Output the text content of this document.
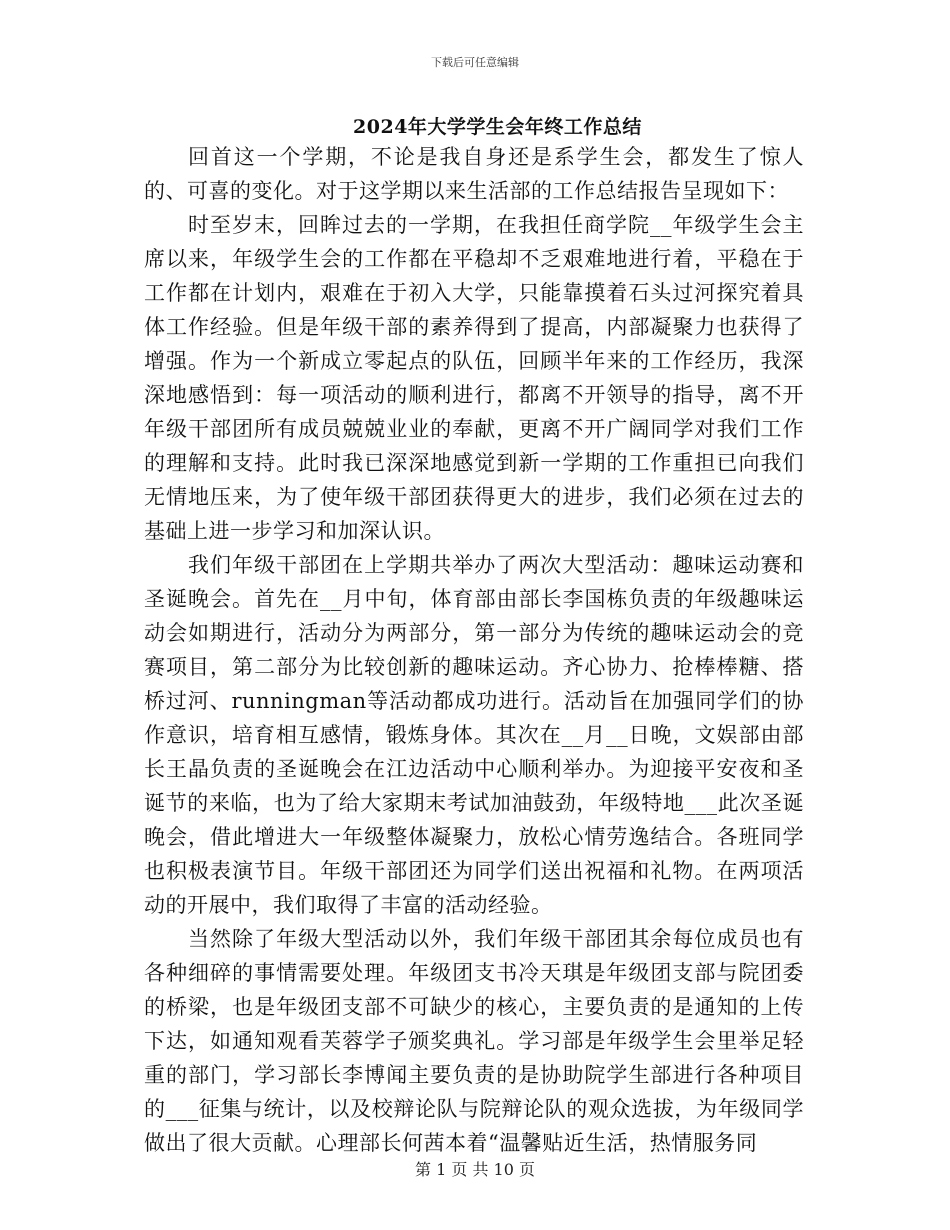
下载后可任意编辑
2024年大学学生会年终工作总结

回首这一个学期，不论是我自身还是系学生会，都发生了惊人的、可喜的变化。对于这学期以来生活部的工作总结报告呈现如下：

时至岁末，回眸过去的一学期，在我担任商学院__年级学生会主席以来，年级学生会的工作都在平稳却不乏艰难地进行着，平稳在于工作都在计划内，艰难在于初入大学，只能靠摸着石头过河探究着具体工作经验。但是年级干部的素养得到了提高，内部凝聚力也获得了增强。作为一个新成立零起点的队伍，回顾半年来的工作经历，我深深地感悟到：每一项活动的顺利进行，都离不开领导的指导，离不开年级干部团所有成员兢兢业业的奉献，更离不开广阔同学对我们工作的理解和支持。此时我已深深地感觉到新一学期的工作重担已向我们无情地压来，为了使年级干部团获得更大的进步，我们必须在过去的基础上进一步学习和加深认识。

我们年级干部团在上学期共举办了两次大型活动：趣味运动赛和圣诞晚会。首先在__月中旬，体育部由部长李国栋负责的年级趣味运动会如期进行，活动分为两部分，第一部分为传统的趣味运动会的竞赛项目，第二部分为比较创新的趣味运动。齐心协力、抢棒棒糖、搭桥过河、runningman等活动都成功进行。活动旨在加强同学们的协作意识，培育相互感情，锻炼身体。其次在__月__日晚，文娱部由部长王晶负责的圣诞晚会在江边活动中心顺利举办。为迎接平安夜和圣诞节的来临，也为了给大家期末考试加油鼓劲，年级特地___此次圣诞晚会，借此增进大一年级整体凝聚力，放松心情劳逸结合。各班同学也积极表演节目。年级干部团还为同学们送出祝福和礼物。在两项活动的开展中，我们取得了丰富的活动经验。

当然除了年级大型活动以外，我们年级干部团其余每位成员也有各种细碎的事情需要处理。年级团支书冷天琪是年级团支部与院团委的桥梁，也是年级团支部不可缺少的核心，主要负责的是通知的上传下达，如通知观看芙蓉学子颁奖典礼。学习部是年级学生会里举足轻重的部门，学习部长李博闻主要负责的是协助院学生部进行各种项目的___征集与统计，以及校辩论队与院辩论队的观众选拔，为年级同学做出了很大贡献。心理部长何茜本着“温馨贴近生活，热情服务同

第 1 页 共 10 页
